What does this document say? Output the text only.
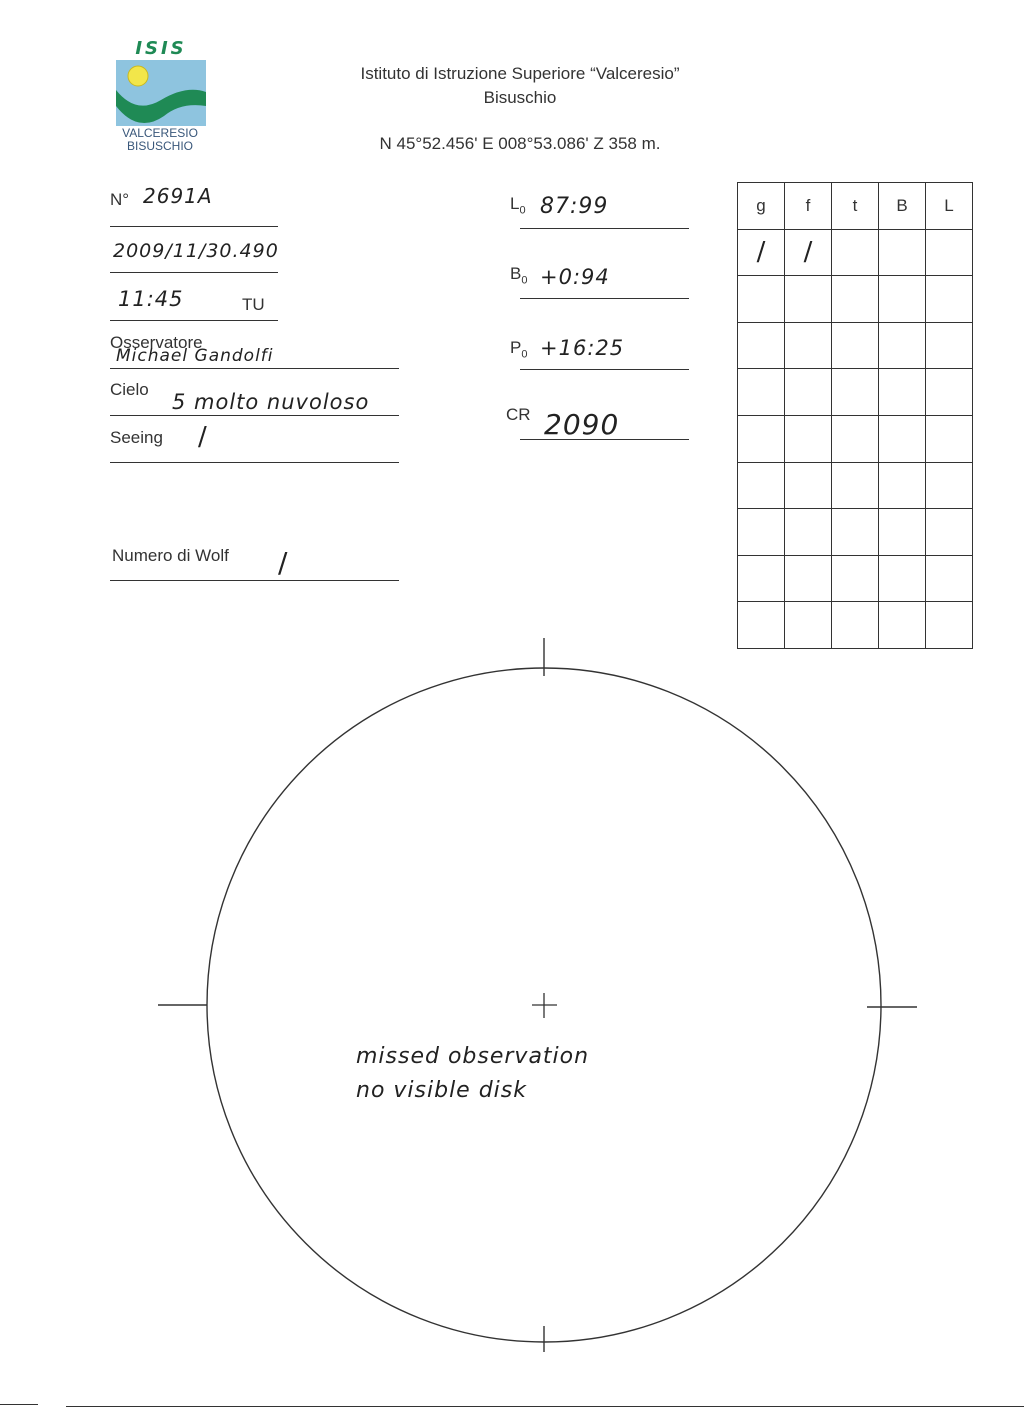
ISIS
VALCERESIO
BISUSCHIO
Istituto di Istruzione Superiore “Valceresio”
Bisuschio
N 45°52.456' E 008°53.086' Z 358 m.
N° 2691A
2009/11/30.490
11:45	TU
Osservatore
Michael Gandolfi
Cielo
5 molto nuvoloso
Seeing /
Numero di Wolf /
$L_0$ 87:99
$B_0$ +0:94
$P_0$ +16:25
CR 2090
g	f	t	B	L
/	/			

missed observation
no visible disk
